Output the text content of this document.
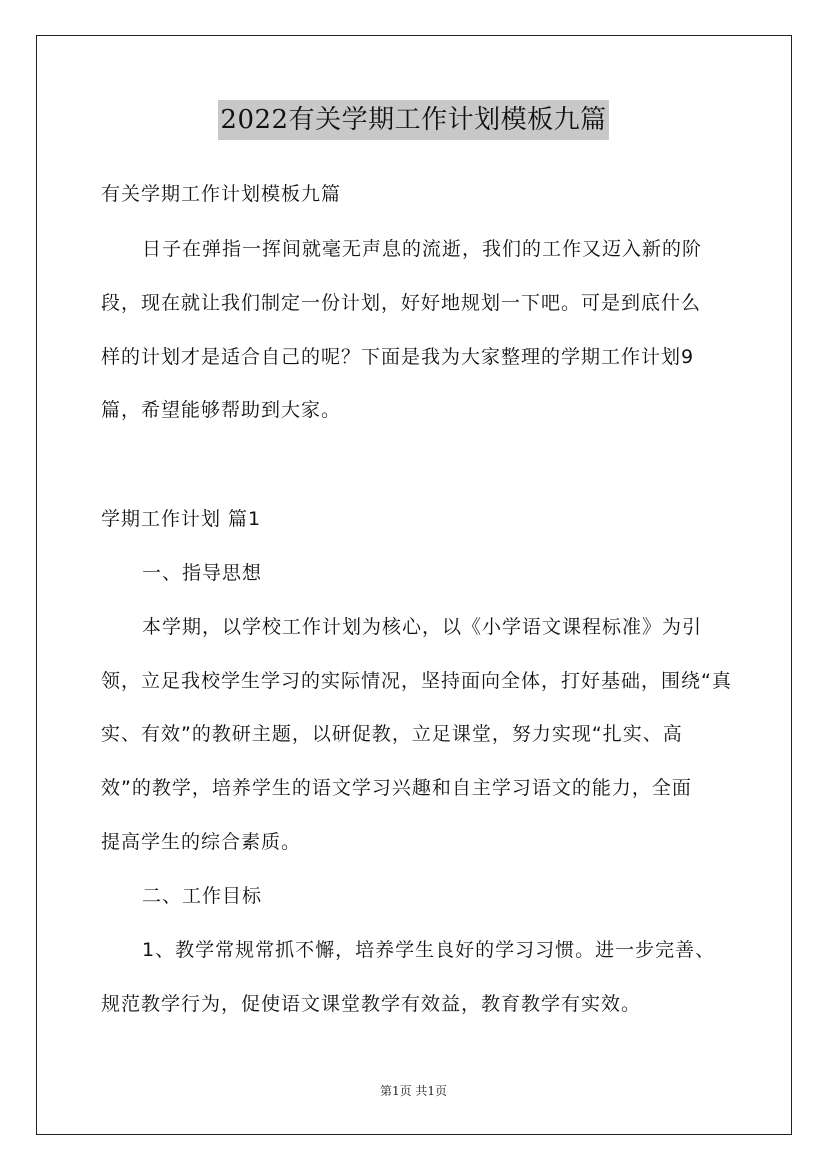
2022有关学期工作计划模板九篇
有关学期工作计划模板九篇
日子在弹指一挥间就毫无声息的流逝，我们的工作又迈入新的阶
段，现在就让我们制定一份计划，好好地规划一下吧。可是到底什么
样的计划才是适合自己的呢？下面是我为大家整理的学期工作计划9
篇，希望能够帮助到大家。
学期工作计划 篇1
一、指导思想
本学期，以学校工作计划为核心，以《小学语文课程标准》为引
领，立足我校学生学习的实际情况，坚持面向全体，打好基础，围绕“真
实、有效”的教研主题，以研促教，立足课堂，努力实现“扎实、高
效”的教学，培养学生的语文学习兴趣和自主学习语文的能力，全面
提高学生的综合素质。
二、工作目标
1、教学常规常抓不懈，培养学生良好的学习习惯。进一步完善、
规范教学行为，促使语文课堂教学有效益，教育教学有实效。
第1页 共1页
